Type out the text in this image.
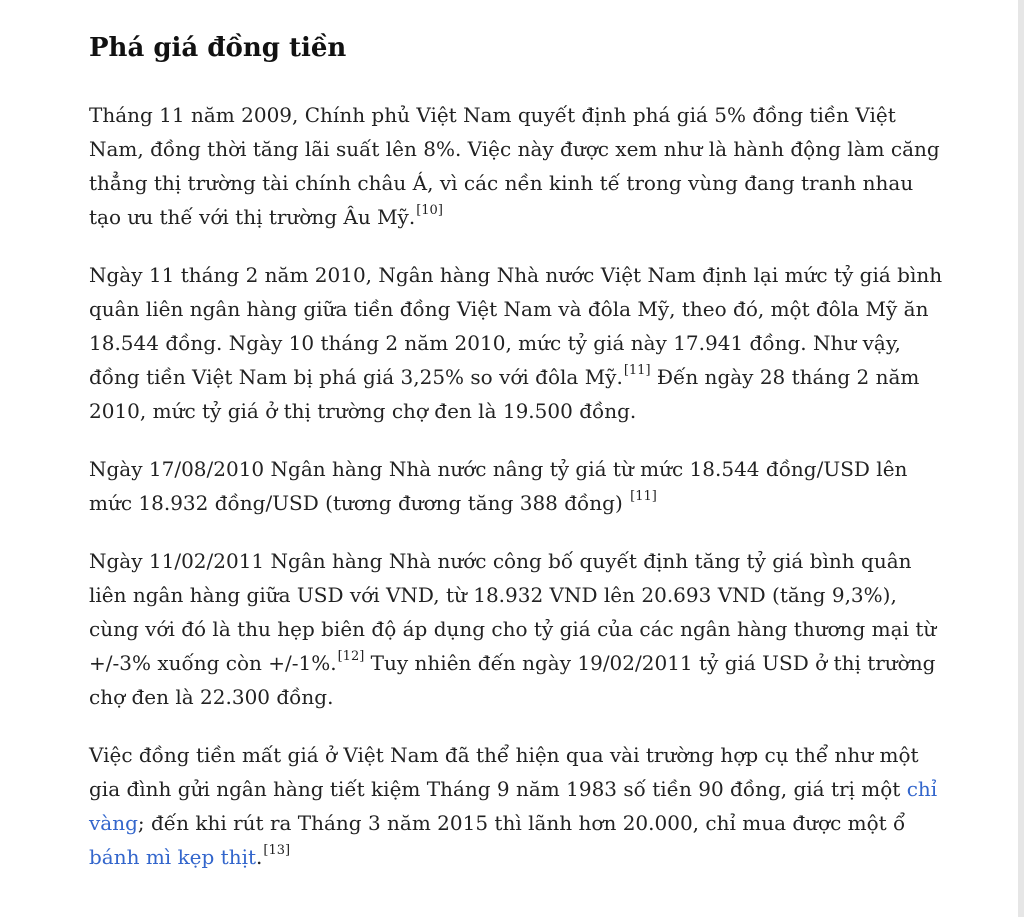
Phá giá đồng tiền

Tháng 11 năm 2009, Chính phủ Việt Nam quyết định phá giá 5% đồng tiền Việt Nam, đồng thời tăng lãi suất lên 8%. Việc này được xem như là hành động làm căng thẳng thị trường tài chính châu Á, vì các nền kinh tế trong vùng đang tranh nhau tạo ưu thế với thị trường Âu Mỹ.[10]

Ngày 11 tháng 2 năm 2010, Ngân hàng Nhà nước Việt Nam định lại mức tỷ giá bình quân liên ngân hàng giữa tiền đồng Việt Nam và đôla Mỹ, theo đó, một đôla Mỹ ăn 18.544 đồng. Ngày 10 tháng 2 năm 2010, mức tỷ giá này 17.941 đồng. Như vậy, đồng tiền Việt Nam bị phá giá 3,25% so với đôla Mỹ.[11] Đến ngày 28 tháng 2 năm 2010, mức tỷ giá ở thị trường chợ đen là 19.500 đồng.

Ngày 17/08/2010 Ngân hàng Nhà nước nâng tỷ giá từ mức 18.544 đồng/USD lên mức 18.932 đồng/USD (tương đương tăng 388 đồng) [11]

Ngày 11/02/2011 Ngân hàng Nhà nước công bố quyết định tăng tỷ giá bình quân liên ngân hàng giữa USD với VND, từ 18.932 VND lên 20.693 VND (tăng 9,3%), cùng với đó là thu hẹp biên độ áp dụng cho tỷ giá của các ngân hàng thương mại từ +/-3% xuống còn +/-1%.[12] Tuy nhiên đến ngày 19/02/2011 tỷ giá USD ở thị trường chợ đen là 22.300 đồng.

Việc đồng tiền mất giá ở Việt Nam đã thể hiện qua vài trường hợp cụ thể như một gia đình gửi ngân hàng tiết kiệm Tháng 9 năm 1983 số tiền 90 đồng, giá trị một chỉ vàng; đến khi rút ra Tháng 3 năm 2015 thì lãnh hơn 20.000, chỉ mua được một ổ bánh mì kẹp thịt.[13]
